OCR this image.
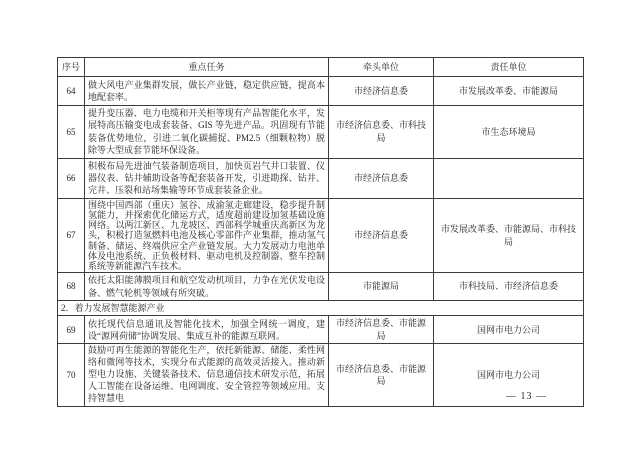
序号	重点任务	牵头单位	责任单位
64	做大风电产业集群发展，做长产业链，稳定供应链，提高本地配套率。	市经济信息委	市发展改革委、市能源局
65	提升变压器、电力电缆和开关柜等现有产品智能化水平，发展特高压输变电成套装备、GIS 等先进产品。巩固现有节能装备优势地位，引进二氧化碳捕捉、PM2.5（细颗粒物）脱除等大型成套节能环保设备。	市经济信息委、市科技局	市生态环境局
66	积极布局先进油气装备制造项目，加快页岩气井口装置、仪器仪表、钻井辅助设备等配套装备开发，引进勘探、钻井、完井、压裂和站场集输等环节成套装备企业。	市经济信息委	
67	围绕中国西部（重庆）氢谷、成渝氢走廊建设，稳步提升制氢能力，并探索优化储运方式，适度超前建设加氢基础设施网络。以两江新区、九龙坡区、西部科学城重庆高新区为龙头，积极打造氢燃料电池及核心零部件产业集群，推动氢气制备、储运、终端供应全产业链发展。大力发展动力电池单体及电池系统、正负极材料、驱动电机及控制器、整车控制系统等新能源汽车技术。	市经济信息委	市发展改革委、市能源局、市科技局
68	依托太阳能薄膜项目和航空发动机项目，力争在光伏发电设备、燃气轮机等领域有所突破。	市能源局	市科技局、市经济信息委
2．着力发展智慧能源产业			
69	依托现代信息通讯及智能化技术，加强全网统一调度，建设“源网荷储”协调发展、集成互补的能源互联网。	市经济信息委、市能源局	国网市电力公司
70	鼓励可再生能源的智能化生产，依托新能源、储能、柔性网络和微网等技术，实现分布式能源的高效灵活接入。推动新型电力设施、关键装备技术、信息通信技术研发示范，拓展人工智能在设备运维、电网调度、安全管控等领域应用。支持智慧电	市经济信息委、市能源局	国网市电力公司
— 13 —
